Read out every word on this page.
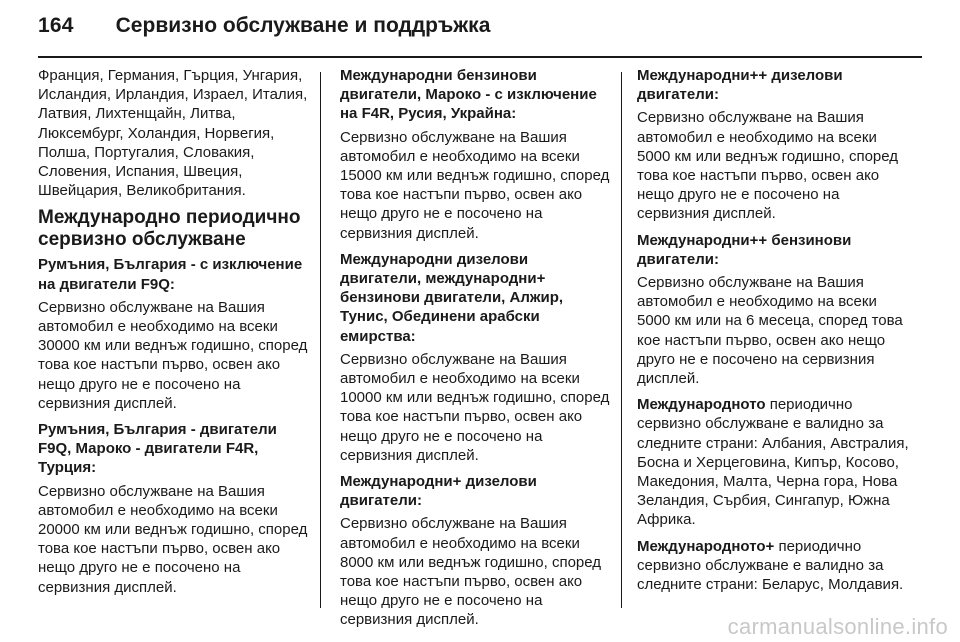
164 Сервизно обслужване и поддръжка

Франция, Германия, Гърция, Унгария, Исландия, Ирландия, Израел, Италия, Латвия, Лихтенщайн, Литва, Люксембург, Холандия, Норвегия, Полша, Португалия, Словакия, Словения, Испания, Швеция, Швейцария, Великобритания.

Международно периодично сервизно обслужване
Румъния, България - с изключение на двигатели F9Q:

Сервизно обслужване на Вашия автомобил е необходимо на всеки 30000 км или веднъж годишно, според това кое настъпи първо, освен ако нещо друго не е посочено на сервизния дисплей.

Румъния, България - двигатели F9Q, Мароко - двигатели F4R, Турция:

Сервизно обслужване на Вашия автомобил е необходимо на всеки 20000 км или веднъж годишно, според това кое настъпи първо, освен ако нещо друго не е посочено на сервизния дисплей.

Международни бензинови двигатели, Мароко - с изключение на F4R, Русия, Украйна:

Сервизно обслужване на Вашия автомобил е необходимо на всеки 15000 км или веднъж годишно, според това кое настъпи първо, освен ако нещо друго не е посочено на сервизния дисплей.

Международни дизелови двигатели, международни+ бензинови двигатели, Алжир, Тунис, Обединени арабски емирства:

Сервизно обслужване на Вашия автомобил е необходимо на всеки 10000 км или веднъж годишно, според това кое настъпи първо, освен ако нещо друго не е посочено на сервизния дисплей.

Международни+ дизелови двигатели:

Сервизно обслужване на Вашия автомобил е необходимо на всеки 8000 км или веднъж годишно, според това кое настъпи първо, освен ако нещо друго не е посочено на сервизния дисплей.

Международни++ дизелови двигатели:

Сервизно обслужване на Вашия автомобил е необходимо на всеки 5000 км или веднъж годишно, според това кое настъпи първо, освен ако нещо друго не е посочено на сервизния дисплей.

Международни++ бензинови двигатели:

Сервизно обслужване на Вашия автомобил е необходимо на всеки 5000 км или на 6 месеца, според това кое настъпи първо, освен ако нещо друго не е посочено на сервизния дисплей.

Международното периодично сервизно обслужване е валидно за следните страни: Албания, Австралия, Босна и Херцеговина, Кипър, Косово, Македония, Малта, Черна гора, Нова Зеландия, Сърбия, Сингапур, Южна Африка.

Международното+ периодично сервизно обслужване е валидно за следните страни: Беларус, Молдавия.

carmanualsonline.info
